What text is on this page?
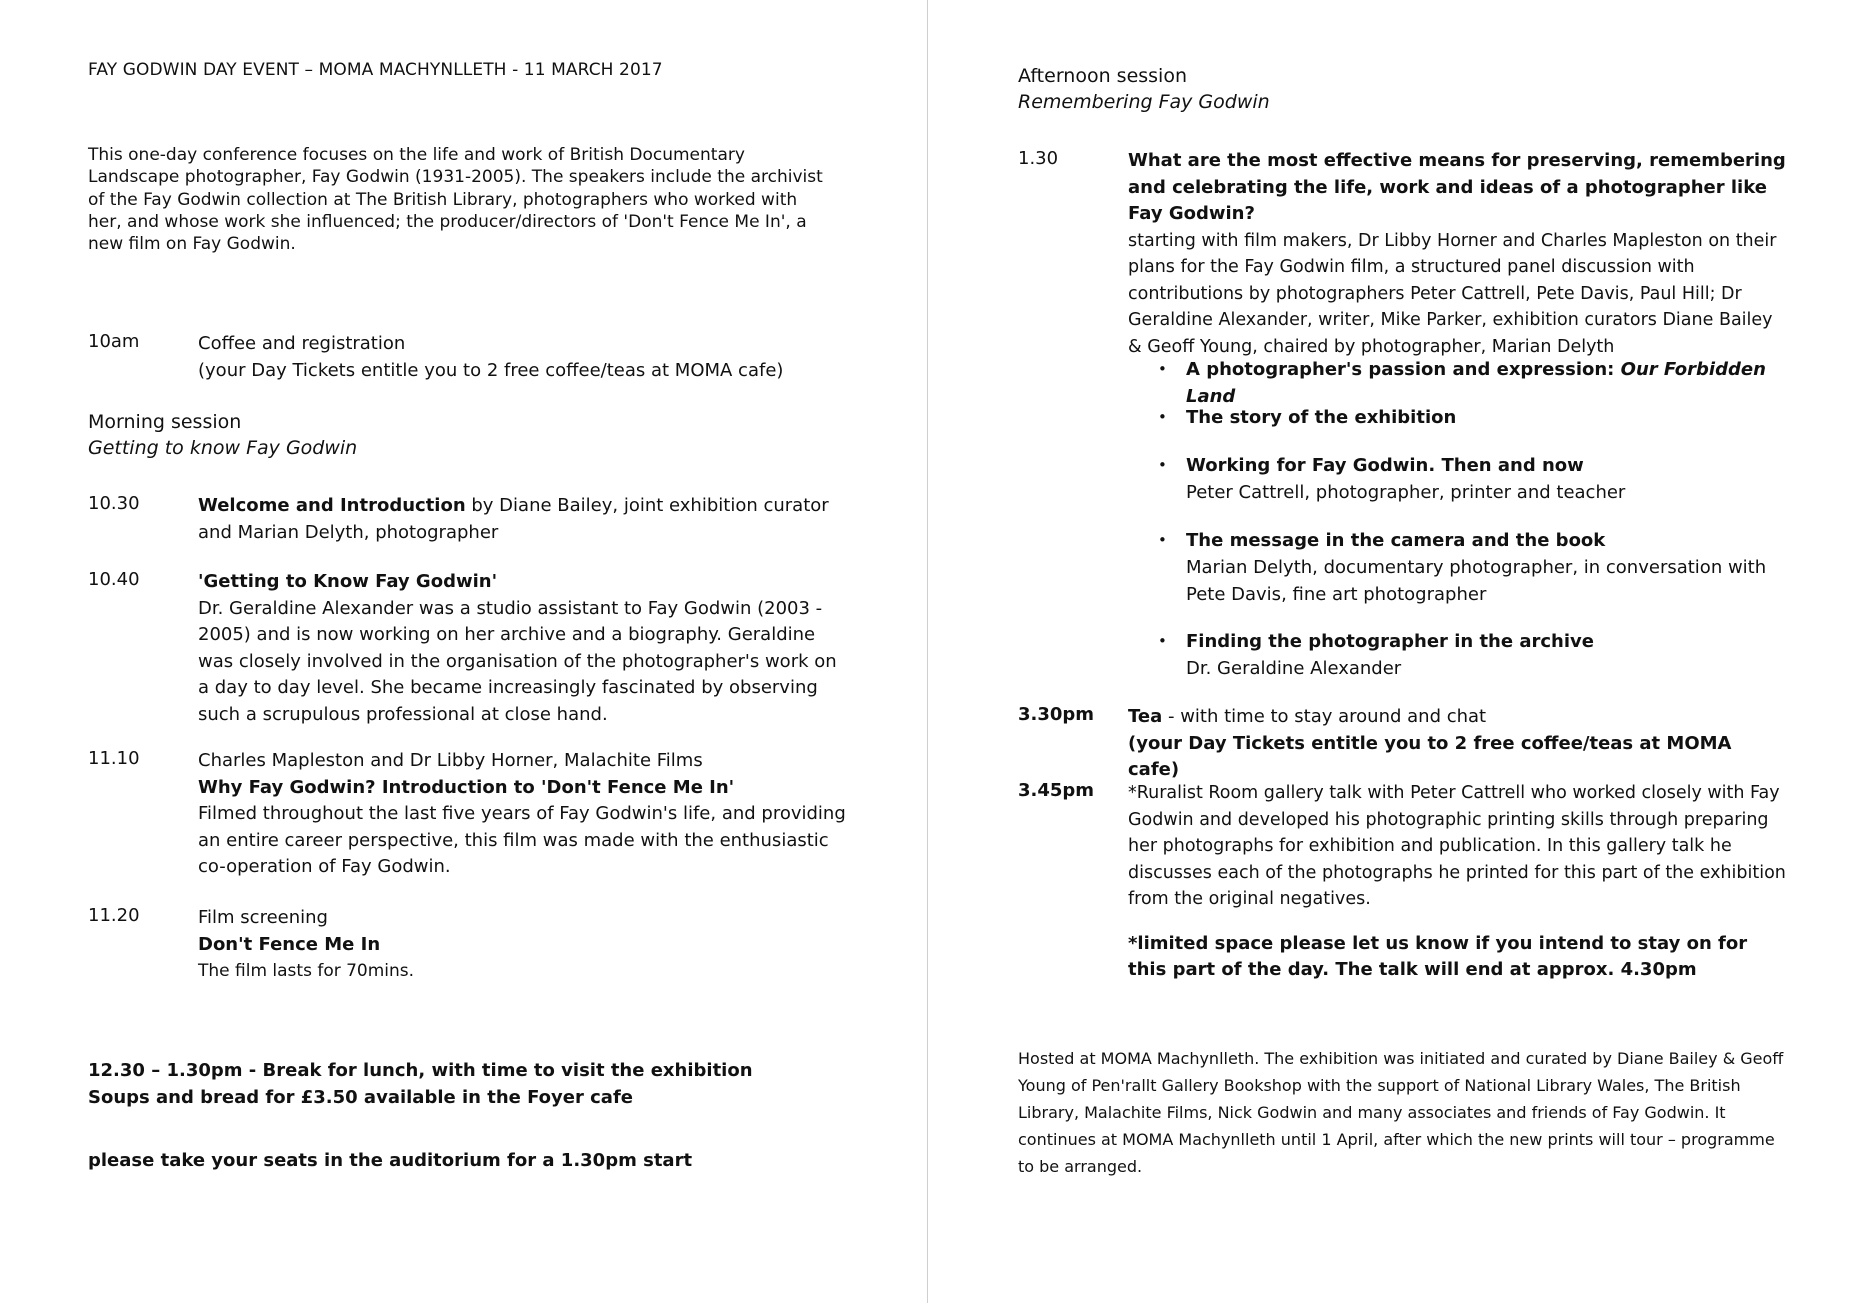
FAY GODWIN DAY EVENT – MOMA MACHYNLLETH - 11 MARCH 2017
This one-day conference focuses on the life and work of British Documentary Landscape photographer, Fay Godwin (1931-2005). The speakers include the archivist of the Fay Godwin collection at The British Library, photographers who worked with her, and whose work she influenced; the producer/directors of 'Don't Fence Me In', a new film on Fay Godwin.
10am	Coffee and registration
(your Day Tickets entitle you to 2 free coffee/teas at MOMA cafe)
Morning session
Getting to know Fay Godwin
10.30	Welcome and Introduction by Diane Bailey, joint exhibition curator and Marian Delyth, photographer
10.40	'Getting to Know Fay Godwin'
Dr. Geraldine Alexander was a studio assistant to Fay Godwin (2003 - 2005) and is now working on her archive and a biography. Geraldine was closely involved in the organisation of the photographer's work on a day to day level. She became increasingly fascinated by observing such a scrupulous professional at close hand.
11.10	Charles Mapleston and Dr Libby Horner, Malachite Films
Why Fay Godwin? Introduction to 'Don't Fence Me In'
Filmed throughout the last five years of Fay Godwin's life, and providing an entire career perspective, this film was made with the enthusiastic co-operation of Fay Godwin.
11.20	Film screening
Don't Fence Me In
The film lasts for 70mins.
12.30 – 1.30pm - Break for lunch, with time to visit the exhibition
Soups and bread for £3.50 available in the Foyer cafe
please take your seats in the auditorium for a 1.30pm start
Afternoon session
Remembering Fay Godwin
1.30	What are the most effective means for preserving, remembering and celebrating the life, work and ideas of a photographer like Fay Godwin?
starting with film makers, Dr Libby Horner and Charles Mapleston on their plans for the Fay Godwin film, a structured panel discussion with contributions by photographers Peter Cattrell, Pete Davis, Paul Hill; Dr Geraldine Alexander, writer, Mike Parker, exhibition curators Diane Bailey & Geoff Young, chaired by photographer, Marian Delyth
• A photographer's passion and expression: Our Forbidden Land
• The story of the exhibition
• Working for Fay Godwin. Then and now
Peter Cattrell, photographer, printer and teacher
• The message in the camera and the book
Marian Delyth, documentary photographer, in conversation with Pete Davis, fine art photographer
• Finding the photographer in the archive
Dr. Geraldine Alexander
3.30pm	Tea - with time to stay around and chat
(your Day Tickets entitle you to 2 free coffee/teas at MOMA cafe)
3.45pm	*Ruralist Room gallery talk with Peter Cattrell who worked closely with Fay Godwin and developed his photographic printing skills through preparing her photographs for exhibition and publication. In this gallery talk he discusses each of the photographs he printed for this part of the exhibition from the original negatives.
*limited space please let us know if you intend to stay on for this part of the day. The talk will end at approx. 4.30pm
Hosted at MOMA Machynlleth. The exhibition was initiated and curated by Diane Bailey & Geoff Young of Pen'rallt Gallery Bookshop with the support of National Library Wales, The British Library, Malachite Films, Nick Godwin and many associates and friends of Fay Godwin. It continues at MOMA Machynlleth until 1 April, after which the new prints will tour – programme to be arranged.
